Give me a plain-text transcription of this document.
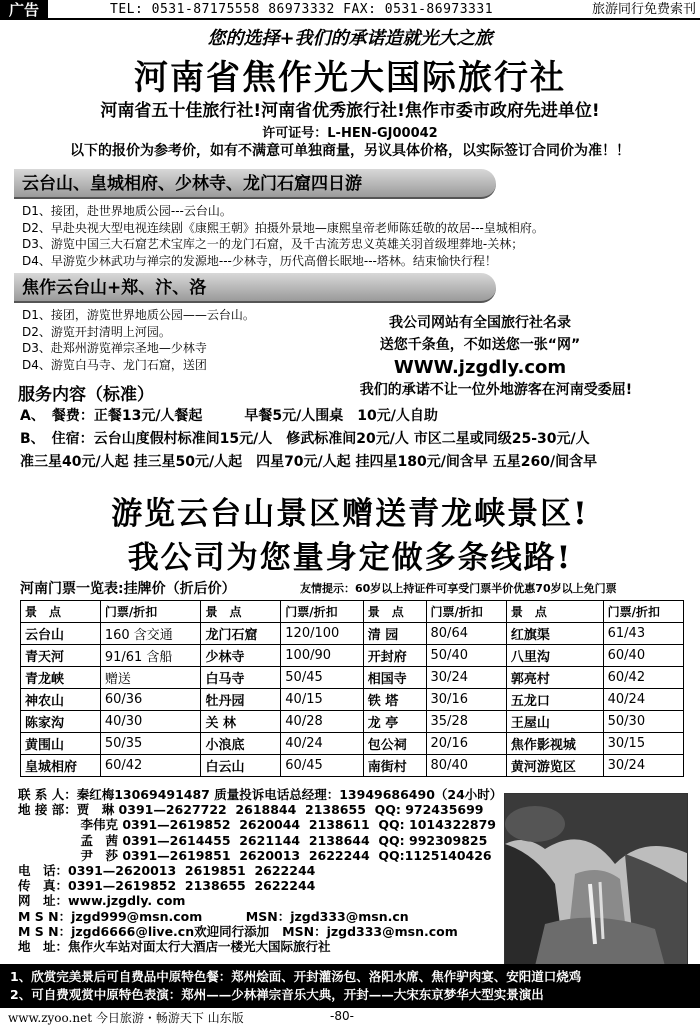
广告	TEL: 0531-87175558 86973332 FAX: 0531-86973331	旅游同行免费索刊
您的选择+我们的承诺造就光大之旅
河南省焦作光大国际旅行社
河南省五十佳旅行社!河南省优秀旅行社!焦作市委市政府先进单位!
许可证号：L-HEN-GJ00042
以下的报价为参考价，如有不满意可单独商量，另议具体价格，以实际签订合同价为准！！
云台山、皇城相府、少林寺、龙门石窟四日游
D1、接团，赴世界地质公园---云台山。
D2、早赴央视大型电视连续剧《康熙王朝》拍摄外景地—康熙皇帝老师陈廷敬的故居---皇城相府。
D3、游览中国三大石窟艺术宝库之一的龙门石窟，及千古流芳忠义英雄关羽首级埋葬地-关林；
D4、早游览少林武功与禅宗的发源地---少林寺，历代高僧长眠地---塔林。结束愉快行程！
焦作云台山+郑、汴、洛
D1、接团，游览世界地质公园——云台山。
D2、游览开封清明上河园。
D3、赴郑州游览禅宗圣地—少林寺
D4、游览白马寺、龙门石窟，送团
我公司网站有全国旅行社名录
送您千条鱼，不如送您一张“网”
WWW.jzgdly.com
我们的承诺不让一位外地游客在河南受委屈!
服务内容（标准）
A、　餐费：正餐13元/人餐起　　　早餐5元/人围桌　10元/人自助
B、　住宿：云台山度假村标准间15元/人　修武标准间20元/人 市区二星或同级25-30元/人
准三星40元/人起 挂三星50元/人起　四星70元/人起 挂四星180元/间含早 五星260/间含早
游览云台山景区赠送青龙峡景区!
我公司为您量身定做多条线路!
河南门票一览表:挂牌价（折后价）	友情提示：60岁以上持证件可享受门票半价优惠70岁以上免门票
景　点	门票/折扣	景　点	门票/折扣	景　点	门票/折扣	景　点	门票/折扣
云台山	160 含交通	龙门石窟	120/100	清 园	80/64	红旗渠	61/43
青天河	91/61 含船	少林寺	100/90	开封府	50/40	八里沟	60/40
青龙峡	赠送	白马寺	50/45	相国寺	30/24	郭亮村	60/42
神农山	60/36	牡丹园	40/15	铁 塔	30/16	五龙口	40/24
陈家沟	40/30	关 林	40/28	龙 亭	35/28	王屋山	50/30
黄围山	50/35	小浪底	40/24	包公祠	20/16	焦作影视城	30/15
皇城相府	60/42	白云山	60/45	南街村	80/40	黄河游览区	30/24
联 系 人：秦红梅13069491487 质量投诉电话总经理：13949686490（24小时）
地 接 部：贾　琳 0391—2627722  2618844  2138655  QQ: 972435699
　　　　　李伟克 0391—2619852  2620044  2138611  QQ: 1014322879
　　　　　孟　茜 0391—2614455  2621144  2138644  QQ: 992309825
　　　　　尹　莎 0391—2619851  2620013  2622244  QQ:1125140426
电　话：0391—2620013  2619851  2622244
传　真：0391—2619852  2138655  2622244
网　址：www.jzgdly. com
M S N：jzgd999@msn.com          MSN：jzgd333@msn.cn
M S N：jzgd6666@live.cn欢迎同行添加   MSN：jzgd333@msn.com
地　址：焦作火车站对面太行大酒店一楼光大国际旅行社
1、欣赏完美景后可自费品中原特色餐：郑州烩面、开封灌汤包、洛阳水席、焦作驴肉宴、安阳道口烧鸡
2、可自费观赏中原特色表演：郑州——少林禅宗音乐大典，开封——大宋东京梦华大型实景演出
www.zyoo.net 今日旅游・畅游天下 山东版	-80-
